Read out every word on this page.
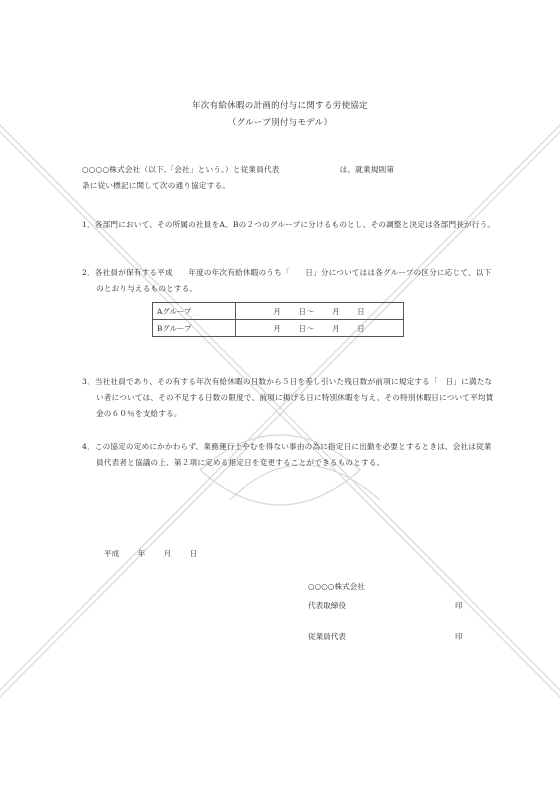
年次有給休暇の計画的付与に関する労使協定
（グループ別付与モデル）
○○○○株式会社（以下,「会社」という。）と従業員代表	は、就業規則第
条に従い標記に関して次の通り協定する。
1．各部門において、その所属の社員をA、Bの２つのグループに分けるものとし、その調整と決定は各部門長が行う。
2．各社員が保有する平成　　年度の年次有給休暇のうち「　　日」分についてはは各グループの区分に応じて、以下のとおり与えるものとする。
Aグループ	月　　日～　　月　　日
Bグループ	月　　日～　　月　　日
3．当社社員であり、その有する年次有給休暇の日数から５日を差し引いた残日数が前項に規定する「　日」に満たない者については、その不足する日数の限度で、前項に掲げる日に特別休暇を与え、その特別休暇日について平均賃金の６０％を支給する。
4．この協定の定めにかかわらず、業務運行上やむを得ない事由の為に指定日に出勤を必要とするときは、会社は従業員代表者と協議の上、第２項に定める指定日を変更することができるものとする。
平成 年 月 日
○○○○株式会社
代表取締役	印
従業員代表	印
